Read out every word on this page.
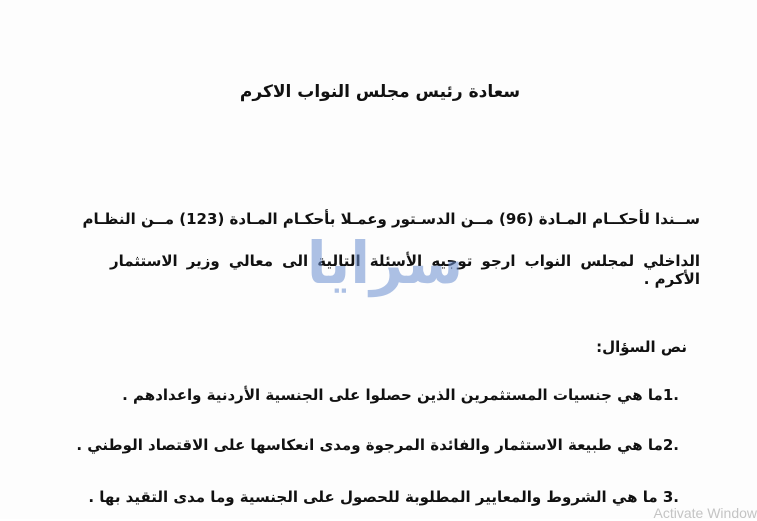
سعادة رئيس مجلس النواب الاكرم
ســندا لأحكــام المـادة (96) مــن الدسـتور وعمـلا بأحكـام المـادة (123) مــن النظـام
الداخلي لمجلس النواب ارجو توجيه الأسئلة التالية الى معالي وزير الاستثمار الأكرم .
سرايا
نص السؤال:
.1ما هي جنسيات المستثمرين الذين حصلوا على الجنسية الأردنية واعدادهم .
.2ما هي طبيعة الاستثمار والفائدة المرجوة ومدى انعكاسها على الاقتصاد الوطني .
.3 ما هي الشروط والمعايير المطلوبة للحصول على الجنسية وما مدى التقيد بها .
Activate Window
